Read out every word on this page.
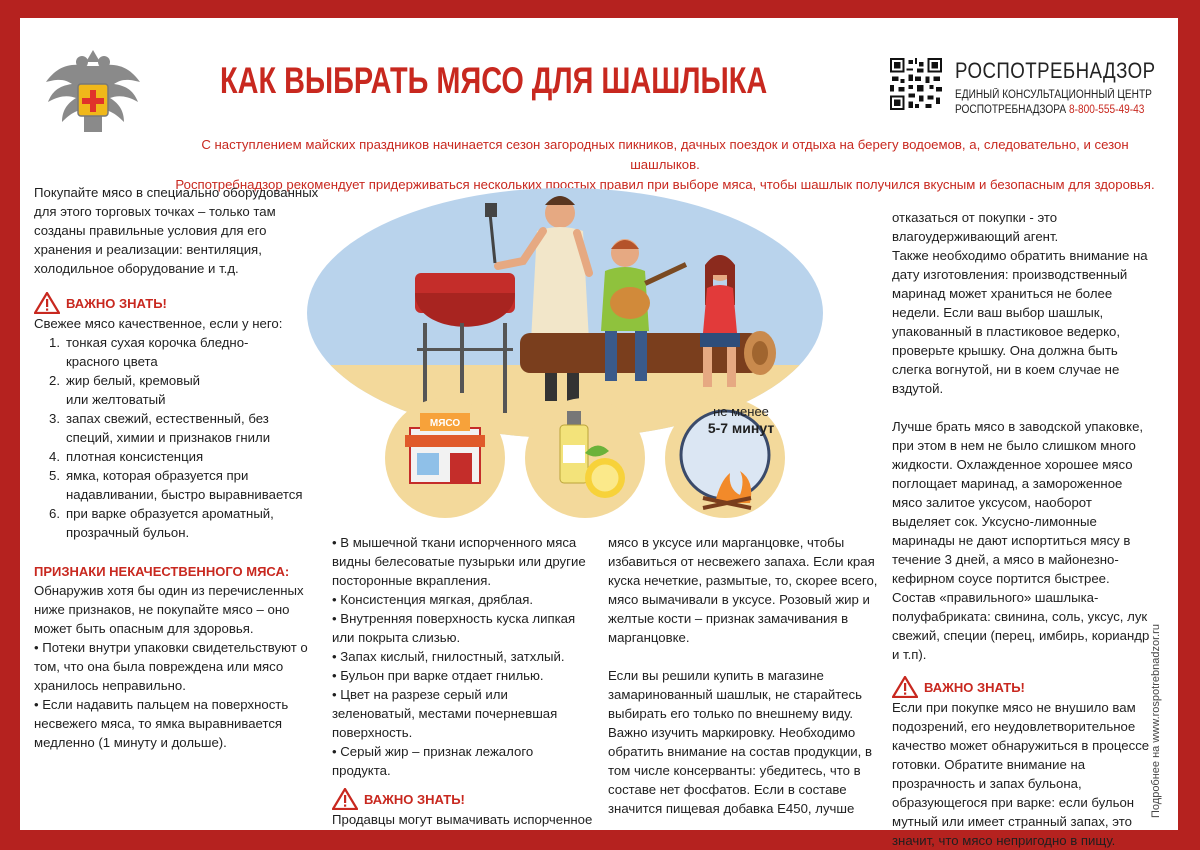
КАК ВЫБРАТЬ МЯСО ДЛЯ ШАШЛЫКА	РОСПОТРЕБНАДЗОР
ЕДИНЫЙ КОНСУЛЬТАЦИОННЫЙ ЦЕНТР
РОСПОТРЕБНАДЗОРА 8-800-555-49-43
С наступлением майских праздников начинается сезон загородных пикников, дачных поездок и отдыха на берегу водоемов, а, следовательно, и сезон шашлыков.
Роспотребнадзор рекомендует придерживаться нескольких простых правил при выборе мяса, чтобы шашлык получился вкусным и безопасным для здоровья.
МЯСО
не менее
5-7 минут

Покупайте мясо в специально оборудованных для этого торговых точках – только там созданы правильные условия для его хранения и реализации: вентиляция, холодильное оборудование и т.д.

ВАЖНО ЗНАТЬ!

Свежее мясо качественное, если у него:

1. тонкая сухая корочка бледно-красного цвета
2. жир белый, кремовый или желтоватый
3. запах свежий, естественный, без специй, химии и признаков гнили
4. плотная консистенция
5. ямка, которая образуется при надавливании, быстро выравнивается
6. при варке образуется ароматный, прозрачный бульон.

ПРИЗНАКИ НЕКАЧЕСТВЕННОГО МЯСА:

Обнаружив хотя бы один из перечисленных ниже признаков, не покупайте мясо – оно может быть опасным для здоровья.

• Потеки внутри упаковки свидетельствуют о том, что она была повреждена или мясо хранилось неправильно.

• Если надавить пальцем на поверхность несвежего мяса, то ямка выравнивается медленно (1 минуту и дольше).

• В мышечной ткани испорченного мяса видны белесоватые пузырьки или другие посторонные вкрапления.

• Консистенция мягкая, дряблая.

• Внутренняя поверхность куска липкая или покрыта слизью.

• Запах кислый, гнилостный, затхлый.

• Бульон при варке отдает гнилью.

• Цвет на разрезе серый или зеленоватый, местами почерневшая поверхность.

• Серый жир – признак лежалого продукта.

ВАЖНО ЗНАТЬ!

Продавцы могут вымачивать испорченное

мясо в уксусе или марганцовке, чтобы избавиться от несвежего запаха. Если края куска нечеткие, размытые, то, скорее всего, мясо вымачивали в уксусе. Розовый жир и желтые кости – признак замачивания в марганцовке.

Если вы решили купить в магазине замаринованный шашлык, не старайтесь выбирать его только по внешнему виду. Важно изучить маркировку. Необходимо обратить внимание на состав продукции, в том числе консерванты: убедитесь, что в составе нет фосфатов. Если в составе значится пищевая добавка Е450, лучше

отказаться от покупки - это влагоудерживающий агент.

Также необходимо обратить внимание на дату изготовления: производственный маринад может храниться не более недели. Если ваш выбор шашлык, упакованный в пластиковое ведерко, проверьте крышку. Она должна быть слегка вогнутой, ни в коем случае не вздутой.

Лучше брать мясо в заводской упаковке, при этом в нем не было слишком много жидкости. Охлажденное хорошее мясо поглощает маринад, а замороженное мясо залитое уксусом, наоборот выделяет сок. Уксусно-лимонные маринады не дают испортиться мясу в течение 3 дней, а мясо в майонезно-кефирном соусе портится быстрее. Состав «правильного» шашлыка-полуфабриката: свинина, соль, уксус, лук свежий, специи (перец, имбирь, кориандр и т.п).

ВАЖНО ЗНАТЬ!

Если при покупке мясо не внушило вам подозрений, его неудовлетворительное качество может обнаружиться в процессе готовки. Обратите внимание на прозрачность и запах бульона, образующегося при варке: если бульон мутный или имеет странный запах, это значит, что мясо непригодно в пищу.

Подробнее на www.rospotrebnadzor.ru
